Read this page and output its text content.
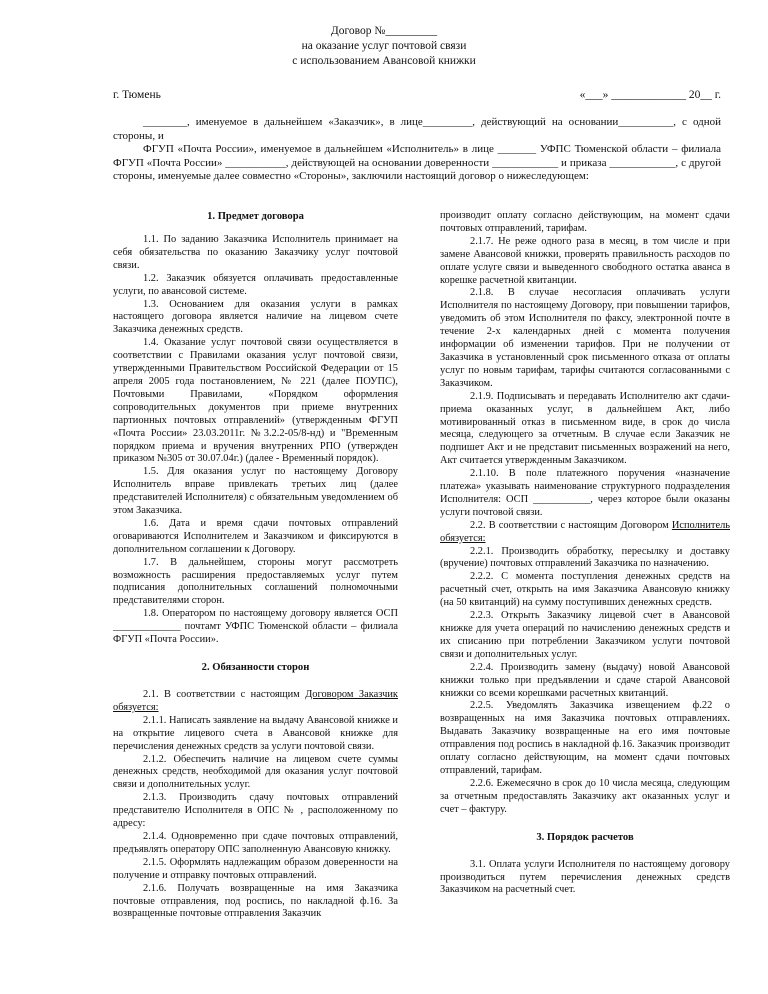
Договор №_________
на оказание услуг почтовой связи
с использованием Авансовой книжки
г. Тюмень	«___» _____________ 20__ г.

________, именуемое в дальнейшем «Заказчик», в лице_________, действующий на основании__________, с одной стороны, и

ФГУП «Почта России», именуемое в дальнейшем «Исполнитель» в лице _______ УФПС Тюменской области – филиала ФГУП «Почта России» ___________, действующей на основании доверенности ____________ и приказа ____________, с другой стороны, именуемые далее совместно «Стороны», заключили настоящий договор о нижеследующем:

1. Предмет договора

1.1. По заданию Заказчика Исполнитель принимает на себя обязательства по оказанию Заказчику услуг почтовой связи.

1.2. Заказчик обязуется оплачивать предоставленные услуги, по авансовой системе.

1.3. Основанием для оказания услуги в рамках настоящего договора является наличие на лицевом счете Заказчика денежных средств.

1.4. Оказание услуг почтовой связи осуществляется в соответствии с Правилами оказания услуг почтовой связи, утвержденными Правительством Российской Федерации от 15 апреля 2005 года постановлением, № 221 (далее ПОУПС), Почтовыми Правилами, «Порядком оформления сопроводительных документов при приеме внутренних партионных почтовых отправлений» (утвержденным ФГУП «Почта России» 23.03.2011г. №3.2.2-05/8-нд) и "Временным порядком приема и вручения внутренних РПО (утвержден приказом №305 от 30.07.04г.) (далее - Временный порядок).

1.5. Для оказания услуг по настоящему Договору Исполнитель вправе привлекать третьих лиц (далее представителей Исполнителя) с обязательным уведомлением об этом Заказчика.

1.6. Дата и время сдачи почтовых отправлений оговариваются Исполнителем и Заказчиком и фиксируются в дополнительном соглашении к Договору.

1.7. В дальнейшем, стороны могут рассмотреть возможность расширения предоставляемых услуг путем подписания дополнительных соглашений полномочными представителями сторон.

1.8. Оператором по настоящему договору является ОСП _____________ почтамт УФПС Тюменской области – филиала ФГУП «Почта России».

2. Обязанности сторон

2.1. В соответствии с настоящим Договором Заказчик обязуется:

2.1.1. Написать заявление на выдачу Авансовой книжке и на открытие лицевого счета в Авансовой книжке для перечисления денежных средств за услуги почтовой связи.

2.1.2. Обеспечить наличие на лицевом счете суммы денежных средств, необходимой для оказания услуг почтовой связи и дополнительных услуг.

2.1.3. Производить сдачу почтовых отправлений представителю Исполнителя в ОПС № , расположенному по адресу:

2.1.4. Одновременно при сдаче почтовых отправлений, предъявлять оператору ОПС заполненную Авансовую книжку.

2.1.5. Оформлять надлежащим образом доверенности на получение и отправку почтовых отправлений.

2.1.6. Получать возвращенные на имя Заказчика почтовые отправления, под роспись, по накладной ф.16. За возвращенные почтовые отправления Заказчик

производит оплату согласно действующим, на момент сдачи почтовых отправлений, тарифам.

2.1.7. Не реже одного раза в месяц, в том числе и при замене Авансовой книжки, проверять правильность расходов по оплате услуге связи и выведенного свободного остатка аванса в корешке расчетной квитанции.

2.1.8. В случае несогласия оплачивать услуги Исполнителя по настоящему Договору, при повышении тарифов, уведомить об этом Исполнителя по факсу, электронной почте в течение 2-х календарных дней с момента получения информации об изменении тарифов. При не получении от Заказчика в установленный срок письменного отказа от оплаты услуг по новым тарифам, тарифы считаются согласованными с Заказчиком.

2.1.9. Подписывать и передавать Исполнителю акт сдачи-приема оказанных услуг, в дальнейшем Акт, либо мотивированный отказ в письменном виде, в срок до числа месяца, следующего за отчетным. В случае если Заказчик не подпишет Акт и не представит письменных возражений на него, Акт считается утвержденным Заказчиком.

2.1.10. В поле платежного поручения «назначение платежа» указывать наименование структурного подразделения Исполнителя: ОСП ___________, через которое были оказаны услуги почтовой связи.

2.2. В соответствии с настоящим Договором Исполнитель обязуется:

2.2.1. Производить обработку, пересылку и доставку (вручение) почтовых отправлений Заказчика по назначению.

2.2.2. С момента поступления денежных средств на расчетный счет, открыть на имя Заказчика Авансовую книжку (на 50 квитанций) на сумму поступивших денежных средств.

2.2.3. Открыть Заказчику лицевой счет в Авансовой книжке для учета операций по начислению денежных средств и их списанию при потреблении Заказчиком услуги почтовой связи и дополнительных услуг.

2.2.4. Производить замену (выдачу) новой Авансовой книжки только при предъявлении и сдаче старой Авансовой книжки со всеми корешками расчетных квитанций.

2.2.5. Уведомлять Заказчика извещением ф.22 о возвращенных на имя Заказчика почтовых отправлениях. Выдавать Заказчику возвращенные на его имя почтовые отправления под роспись в накладной ф.16. Заказчик производит оплату согласно действующим, на момент сдачи почтовых отправлений, тарифам.

2.2.6. Ежемесячно в срок до 10 числа месяца, следующим за отчетным предоставлять Заказчику акт оказанных услуг и счет – фактуру.

3. Порядок расчетов

3.1. Оплата услуги Исполнителя по настоящему договору производиться путем перечисления денежных средств Заказчиком на расчетный счет.
